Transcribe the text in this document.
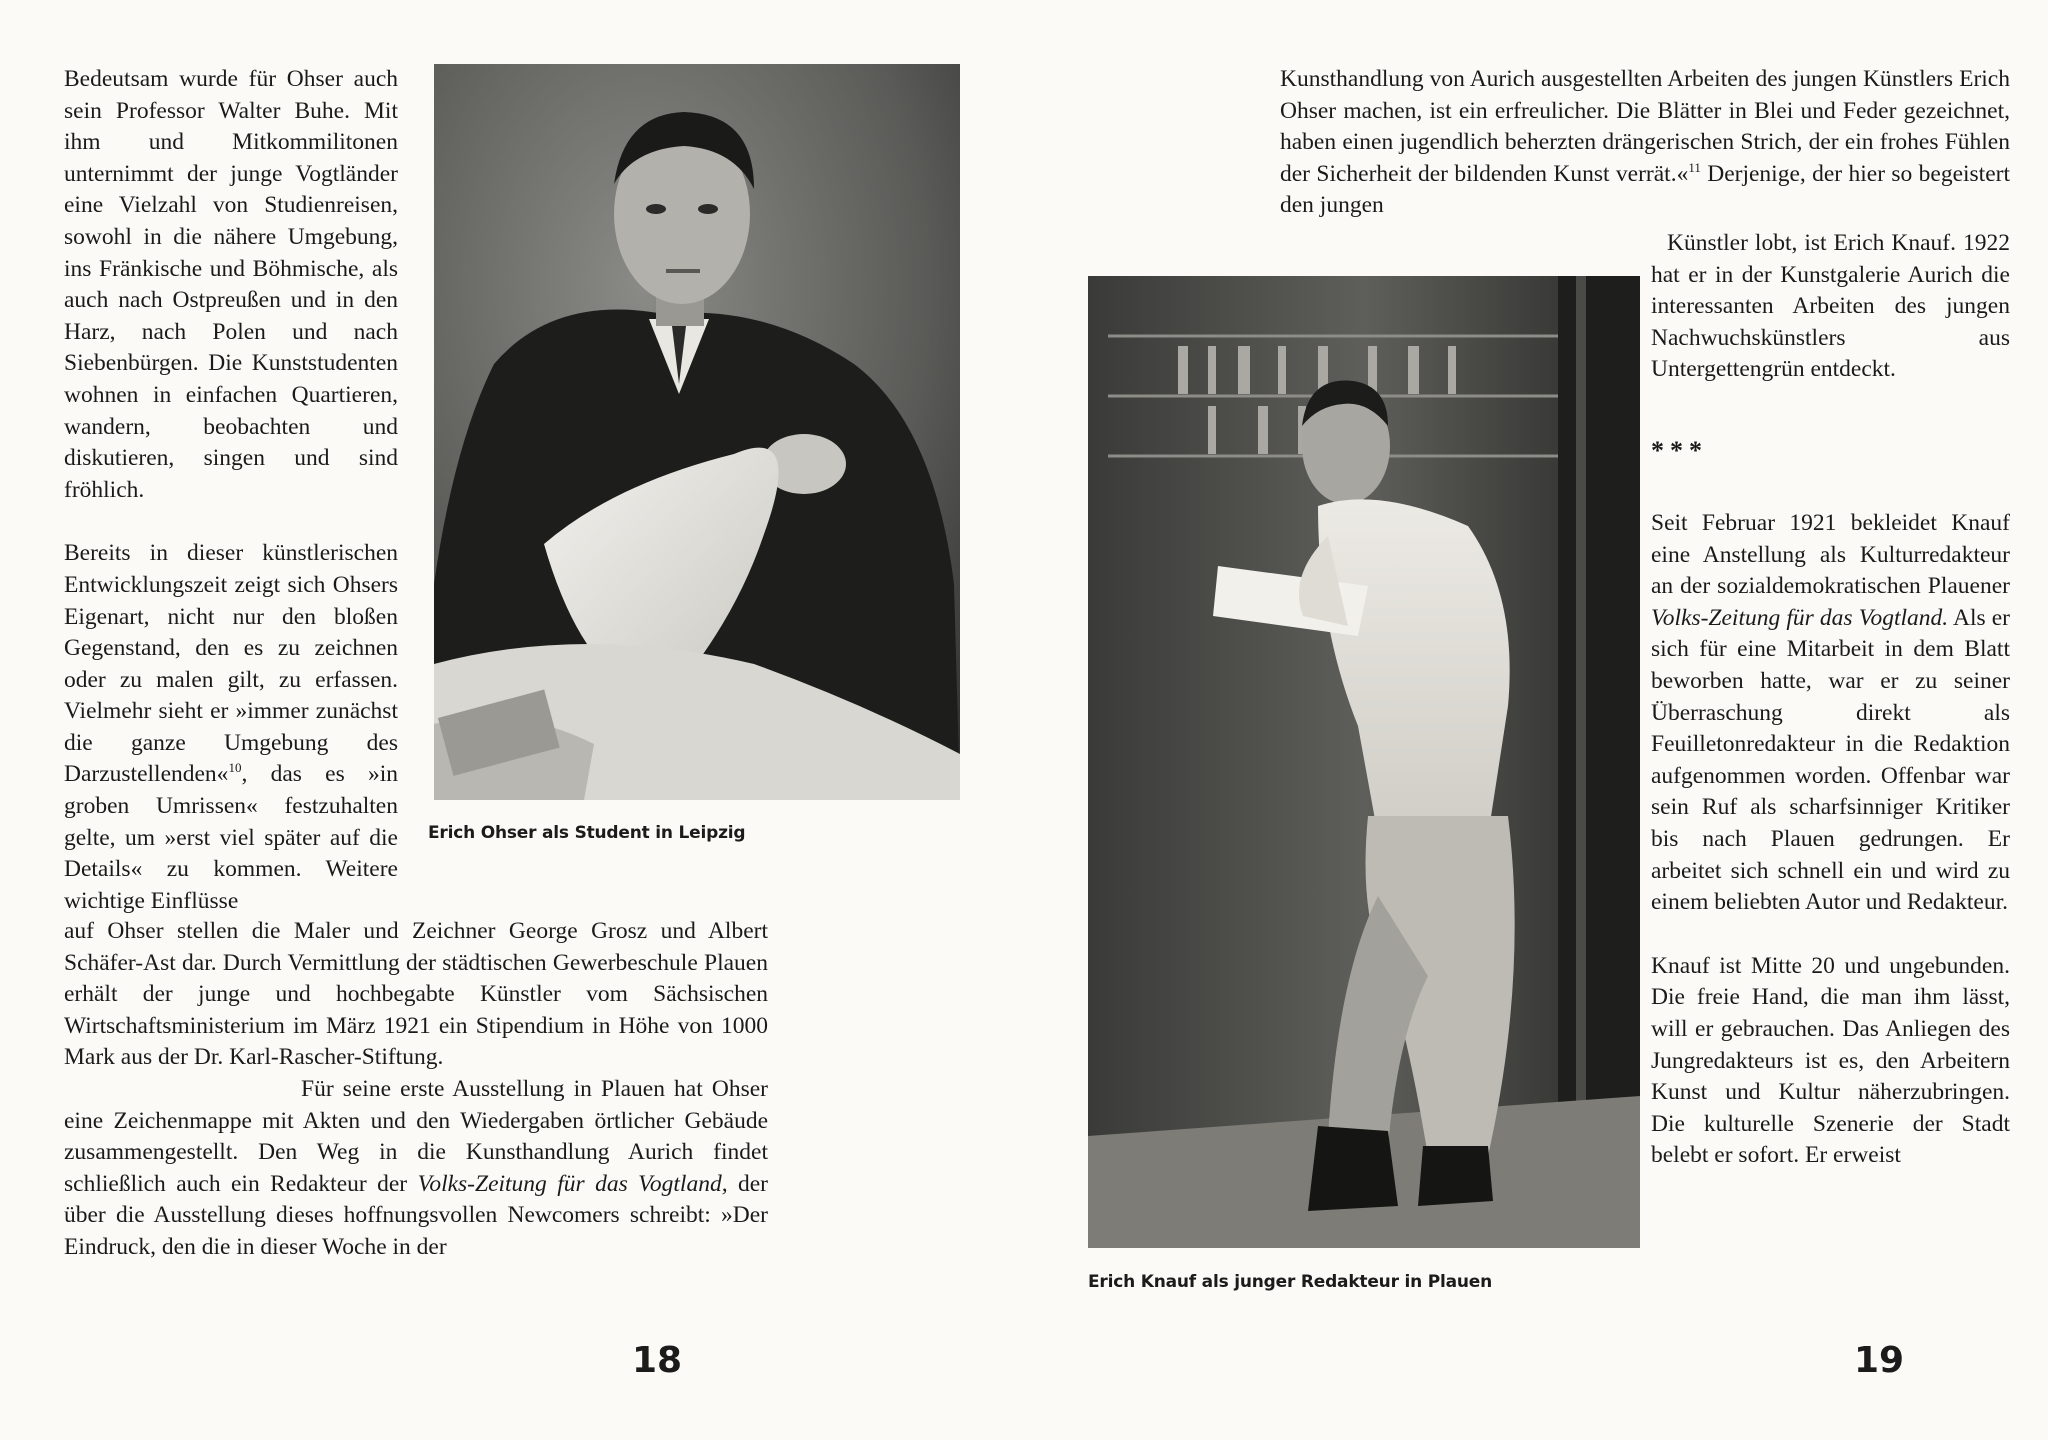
Bedeutsam wurde für Ohser auch sein Professor Walter Buhe. Mit ihm und Mitkommilitonen unternimmt der junge Vogtländer eine Vielzahl von Studienreisen, sowohl in die nähere Umgebung, ins Fränkische und Böhmische, als auch nach Ostpreußen und in den Harz, nach Polen und nach Siebenbürgen. Die Kunststudenten wohnen in einfachen Quartieren, wandern, beobachten und diskutieren, singen und sind fröhlich.

Bereits in dieser künstlerischen Entwicklungszeit zeigt sich Ohsers Eigenart, nicht nur den bloßen Gegenstand, den es zu zeichnen oder zu malen gilt, zu erfassen. Vielmehr sieht er »immer zunächst die ganze Umgebung des Darzustellenden«$^{10}$, das es »in groben Umrissen« festzuhalten gelte, um »erst viel später auf die Details« zu kommen. Weitere wichtige Einflüsse

Erich Ohser als Student in Leipzig
auf Ohser stellen die Maler und Zeichner George Grosz und Albert Schäfer-Ast dar. Durch Vermittlung der städtischen Gewerbeschule Plauen erhält der junge und hochbegabte Künstler vom Sächsischen Wirtschaftsministerium im März 1921 ein Stipendium in Höhe von 1000 Mark aus der Dr. Karl-Rascher-Stiftung.
Für seine erste Ausstellung in Plauen hat Ohser eine Zeichenmappe mit Akten und den Wiedergaben örtlicher Gebäude zusammengestellt. Den Weg in die Kunsthandlung Aurich findet schließlich auch ein Redakteur der Volks-Zeitung für das Vogtland, der über die Ausstellung dieses hoffnungsvollen Newcomers schreibt: »Der Eindruck, den die in dieser Woche in der
18
Kunsthandlung von Aurich ausgestellten Arbeiten des jungen Künstlers Erich Ohser machen, ist ein erfreulicher. Die Blätter in Blei und Feder gezeichnet, haben einen jugendlich beherzten drängerischen Strich, der ein frohes Fühlen der Sicherheit der bildenden Kunst verrät.«$^{11}$ Derjenige, der hier so begeistert den jungen
Erich Knauf als junger Redakteur in Plauen

Künstler lobt, ist Erich Knauf. 1922 hat er in der Kunstgalerie Aurich die interessanten Arbeiten des jungen Nachwuchskünstlers aus Untergettengrün entdeckt.

***

Seit Februar 1921 bekleidet Knauf eine Anstellung als Kulturredakteur an der sozialdemokratischen Plauener Volks-Zeitung für das Vogtland. Als er sich für eine Mitarbeit in dem Blatt beworben hatte, war er zu seiner Überraschung direkt als Feuilletonredakteur in die Redaktion aufgenommen worden. Offenbar war sein Ruf als scharfsinniger Kritiker bis nach Plauen gedrungen. Er arbeitet sich schnell ein und wird zu einem beliebten Autor und Redakteur.

Knauf ist Mitte 20 und ungebunden. Die freie Hand, die man ihm lässt, will er gebrauchen. Das Anliegen des Jungredakteurs ist es, den Arbeitern Kunst und Kultur näherzubringen. Die kulturelle Szenerie der Stadt belebt er sofort. Er erweist

19
